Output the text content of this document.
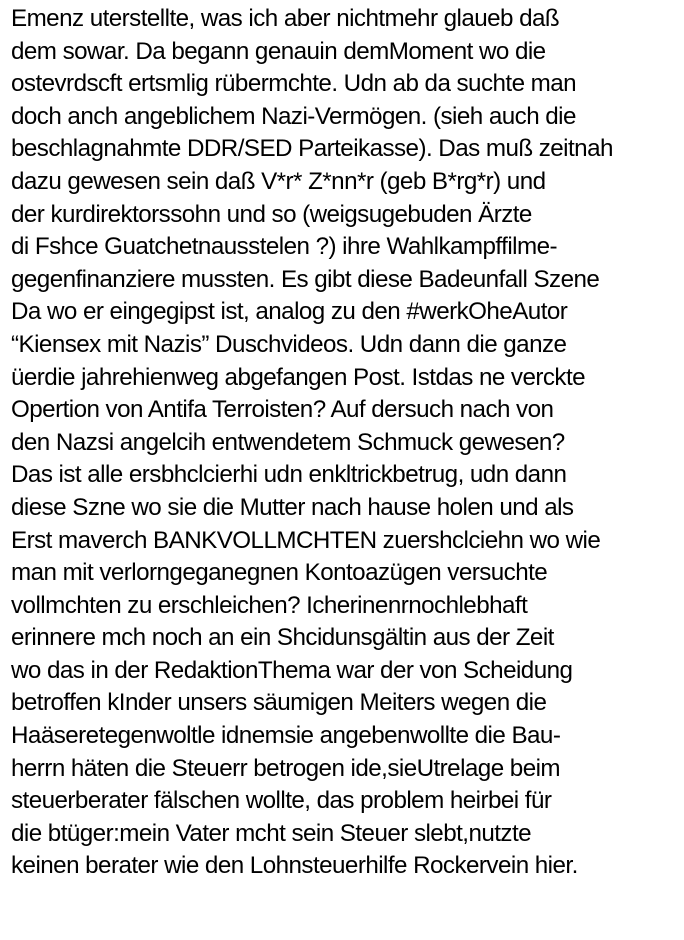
Emenz uterstellte, was ich aber nichtmehr glaueb daß
dem sowar. Da begann genauin demMoment wo die
ostevrdscft ertsmlig rübermchte. Udn ab da suchte man
doch anch angeblichem Nazi-Vermögen. (sieh auch die
beschlagnahmte DDR/SED Parteikasse). Das muß zeitnah
dazu gewesen sein daß V*r* Z*nn*r (geb B*rg*r) und
der kurdirektorssohn und so (weigsugebuden Ärzte
di Fshce Guatchetnausstelen ?) ihre Wahlkampffilme-
gegenfinanziere mussten. Es gibt diese Badeunfall Szene
Da wo er eingegipst ist, analog zu den #werkOheAutor
“Kiensex mit Nazis” Duschvideos. Udn dann die ganze
üerdie jahrehienweg abgefangen Post. Istdas ne verckte
Opertion von Antifa Terroisten? Auf dersuch nach von
den Nazsi angelcih entwendetem Schmuck gewesen?
Das ist alle ersbhclcierhi udn enkltrickbetrug, udn dann
diese Szne wo sie die Mutter nach hause holen und als
Erst maverch BANKVOLLMCHTEN zuershclciehn wo wie
man mit verlorngeganegnen Kontoazügen versuchte
vollmchten zu erschleichen? Icherinenrnochlebhaft
erinnere mch noch an ein Shcidunsgältin aus der Zeit
wo das in der RedaktionThema war der von Scheidung
betroffen kInder unsers säumigen Meiters wegen die
Haäseretegenwoltle idnemsie angebenwollte die Bau-
herrn häten die Steuerr betrogen ide,sieUtrelage beim
steuerberater fälschen wollte, das problem heirbei für
die btüger:mein Vater mcht sein Steuer slebt,nutzte
keinen berater wie den Lohnsteuerhilfe Rockervein hier.
